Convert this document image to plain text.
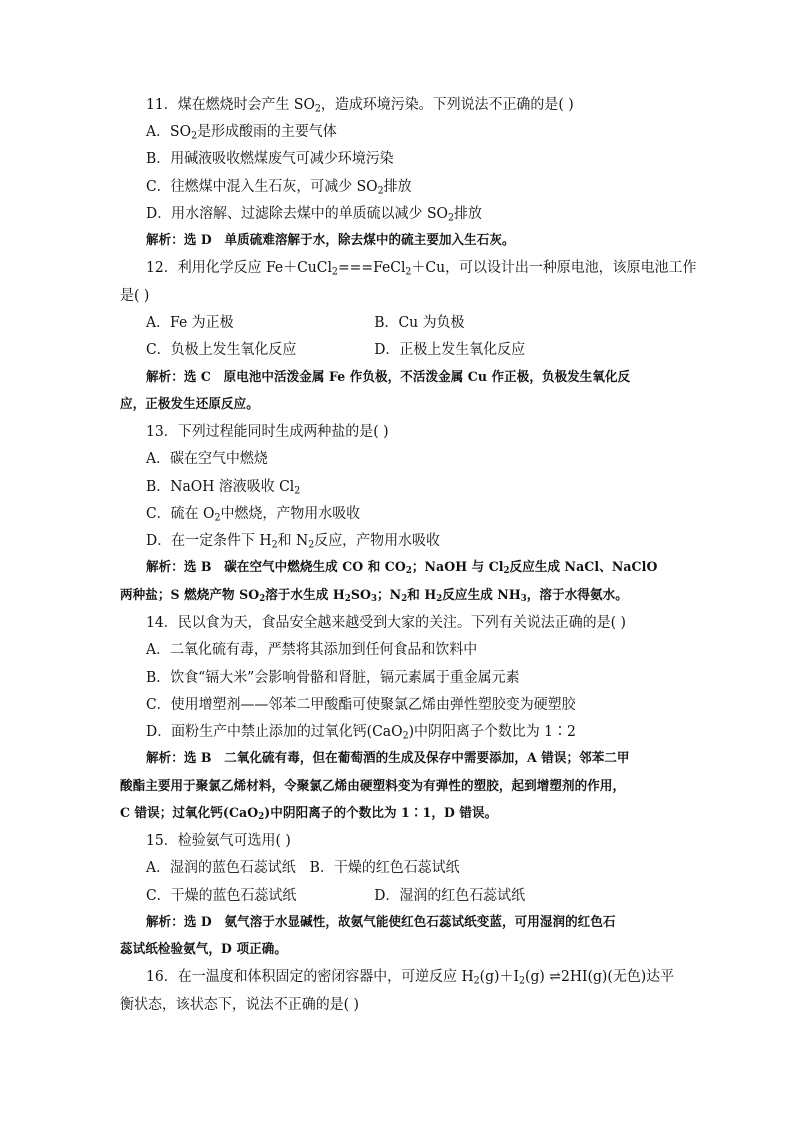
11．煤在燃烧时会产生 $SO_2$，造成环境污染。下列说法不正确的是( )
A．$SO_2$是形成酸雨的主要气体
B．用碱液吸收燃煤废气可减少环境污染
C．往燃煤中混入生石灰，可减少 $SO_2$排放
D．用水溶解、过滤除去煤中的单质硫以减少 $SO_2$排放
解析：选 D　单质硫难溶解于水，除去煤中的硫主要加入生石灰。
12．利用化学反应 Fe＋CuCl$_2$===FeCl$_2$＋Cu，可以设计出一种原电池，该原电池工作
是( )
A．Fe 为正极	B．Cu 为负极
C．负极上发生氧化反应	D．正极上发生氧化反应
解析：选 C　原电池中活泼金属 Fe 作负极，不活泼金属 Cu 作正极，负极发生氧化反
应，正极发生还原反应。
13．下列过程能同时生成两种盐的是( )
A．碳在空气中燃烧
B．NaOH 溶液吸收 $Cl_2$
C．硫在 $O_2$中燃烧，产物用水吸收
D．在一定条件下 $H_2$和 $N_2$反应，产物用水吸收
解析：选 B　碳在空气中燃烧生成 CO 和 $CO_2$；NaOH 与 $Cl_2$反应生成 NaCl、NaClO
两种盐；S 燃烧产物 $SO_2$溶于水生成 $H_2SO_3$；$N_2$和 $H_2$反应生成 $NH_3$，溶于水得氨水。
14．民以食为天，食品安全越来越受到大家的关注。下列有关说法正确的是( )
A．二氧化硫有毒，严禁将其添加到任何食品和饮料中
B．饮食“镉大米”会影响骨骼和肾脏，镉元素属于重金属元素
C．使用增塑剂——邻苯二甲酸酯可使聚氯乙烯由弹性塑胶变为硬塑胶
D．面粉生产中禁止添加的过氧化钙(CaO$_2$)中阴阳离子个数比为 1∶2
解析：选 B　二氧化硫有毒，但在葡萄酒的生成及保存中需要添加，A 错误；邻苯二甲
酸酯主要用于聚氯乙烯材料，令聚氯乙烯由硬塑料变为有弹性的塑胶，起到增塑剂的作用，
C 错误；过氧化钙(CaO$_2$)中阴阳离子的个数比为 1∶1，D 错误。
15．检验氨气可选用( )
A．湿润的蓝色石蕊试纸　B．干燥的红色石蕊试纸
C．干燥的蓝色石蕊试纸	D．湿润的红色石蕊试纸
解析：选 D　氨气溶于水显碱性，故氨气能使红色石蕊试纸变蓝，可用湿润的红色石
蕊试纸检验氨气，D 项正确。
16．在一温度和体积固定的密闭容器中，可逆反应 $H_2(g)+I_2(g)$ ⇌2HI(g)(无色)达平
衡状态，该状态下，说法不正确的是( )
